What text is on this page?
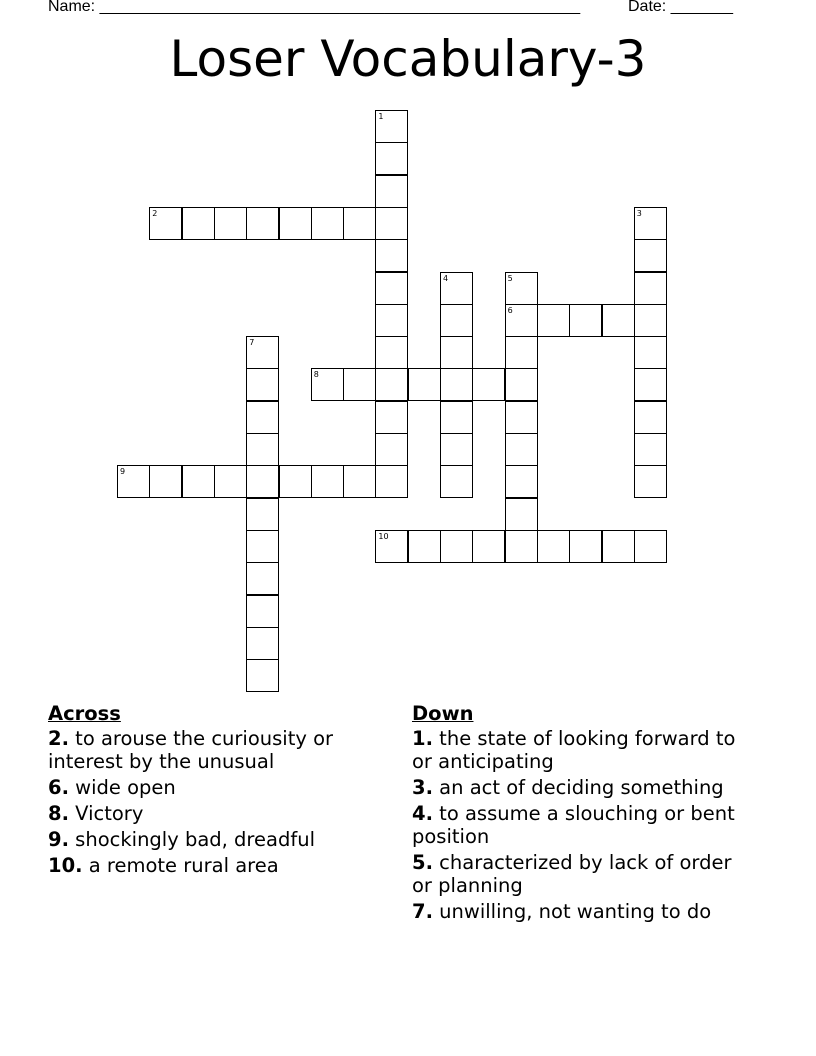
Name: ______________________________________________________	Date: _______
Loser Vocabulary-3
1
2	3
4	5
6
7
8
9
10
Across
2. to arouse the curiousity or interest by the unusual
6. wide open
8. Victory
9. shockingly bad, dreadful
10. a remote rural area
Down
1. the state of looking forward to or anticipating
3. an act of deciding something
4. to assume a slouching or bent position
5. characterized by lack of order or planning
7. unwilling, not wanting to do
